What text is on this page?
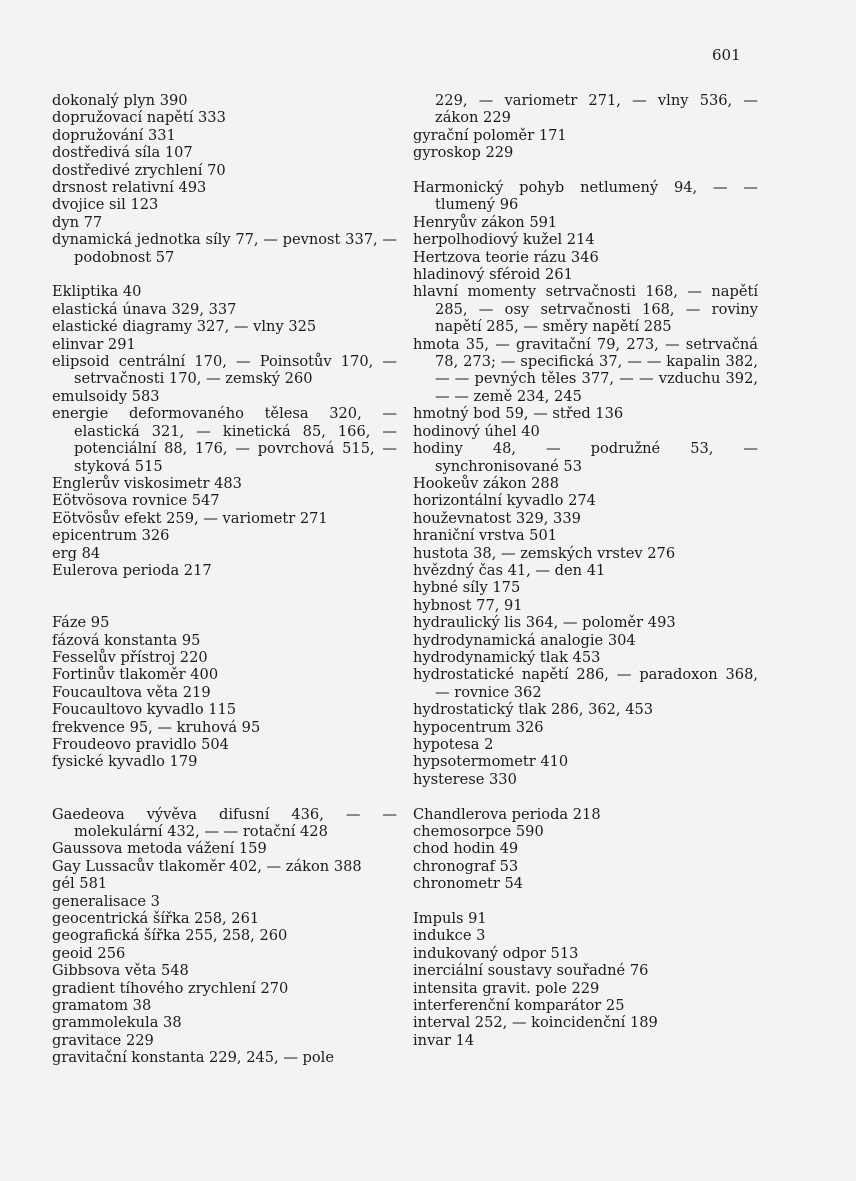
601
dokonalý plyn 390
dopružovací napětí 333
dopružování 331
dostředivá síla 107
dostředivé zrychlení 70
drsnost relativní 493
dvojice sil 123
dyn 77
dynamická jednotka síly 77, — pevnost 337, — podobnost 57
Ekliptika 40
elastická únava 329, 337
elastické diagramy 327, — vlny 325
elinvar 291
elipsoid centrální 170, — Poinsotův 170, — setrvačnosti 170, — zemský 260
emulsoidy 583
energie deformovaného tělesa 320, — elastická 321, — kinetická 85, 166, — potenciální 88, 176, — povrchová 515, — styková 515
Englerův viskosimetr 483
Eötvösova rovnice 547
Eötvösův efekt 259, — variometr 271
epicentrum 326
erg 84
Eulerova perioda 217
Fáze 95
fázová konstanta 95
Fesselův přístroj 220
Fortinův tlakoměr 400
Foucaultova věta 219
Foucaultovo kyvadlo 115
frekvence 95, — kruhová 95
Froudeovo pravidlo 504
fysické kyvadlo 179
Gaedeova vývěva difusní 436, — — molekulární 432, — — rotační 428
Gaussova metoda vážení 159
Gay Lussacův tlakoměr 402, — zákon 388
gél 581
generalisace 3
geocentrická šířka 258, 261
geografická šířka 255, 258, 260
geoid 256
Gibbsova věta 548
gradient tíhového zrychlení 270
gramatom 38
grammolekula 38
gravitace 229
gravitační konstanta 229, 245, — pole
229, — variometr 271, — vlny 536, — zákon 229
gyrační poloměr 171
gyroskop 229
Harmonický pohyb netlumený 94, — — tlumený 96
Henryův zákon 591
herpolhodiový kužel 214
Hertzova teorie rázu 346
hladinový sféroid 261
hlavní momenty setrvačnosti 168, — napětí 285, — osy setrvačnosti 168, — roviny napětí 285, — směry napětí 285
hmota 35, — gravitační 79, 273, — setrvačná 78, 273; — specifická 37, — — kapalin 382, — — pevných těles 377, — — vzduchu 392, — — země 234, 245
hmotný bod 59, — střed 136
hodinový úhel 40
hodiny 48, — podružné 53, — synchronisované 53
Hookeův zákon 288
horizontální kyvadlo 274
houževnatost 329, 339
hraniční vrstva 501
hustota 38, — zemských vrstev 276
hvězdný čas 41, — den 41
hybné síly 175
hybnost 77, 91
hydraulický lis 364, — poloměr 493
hydrodynamická analogie 304
hydrodynamický tlak 453
hydrostatické napětí 286, — paradoxon 368, — rovnice 362
hydrostatický tlak 286, 362, 453
hypocentrum 326
hypotesa 2
hypsotermometr 410
hysterese 330
Chandlerova perioda 218
chemosorpce 590
chod hodin 49
chronograf 53
chronometr 54
Impuls 91
indukce 3
indukovaný odpor 513
inerciální soustavy souřadné 76
intensita gravit. pole 229
interferenční komparátor 25
interval 252, — koincidenční 189
invar 14
